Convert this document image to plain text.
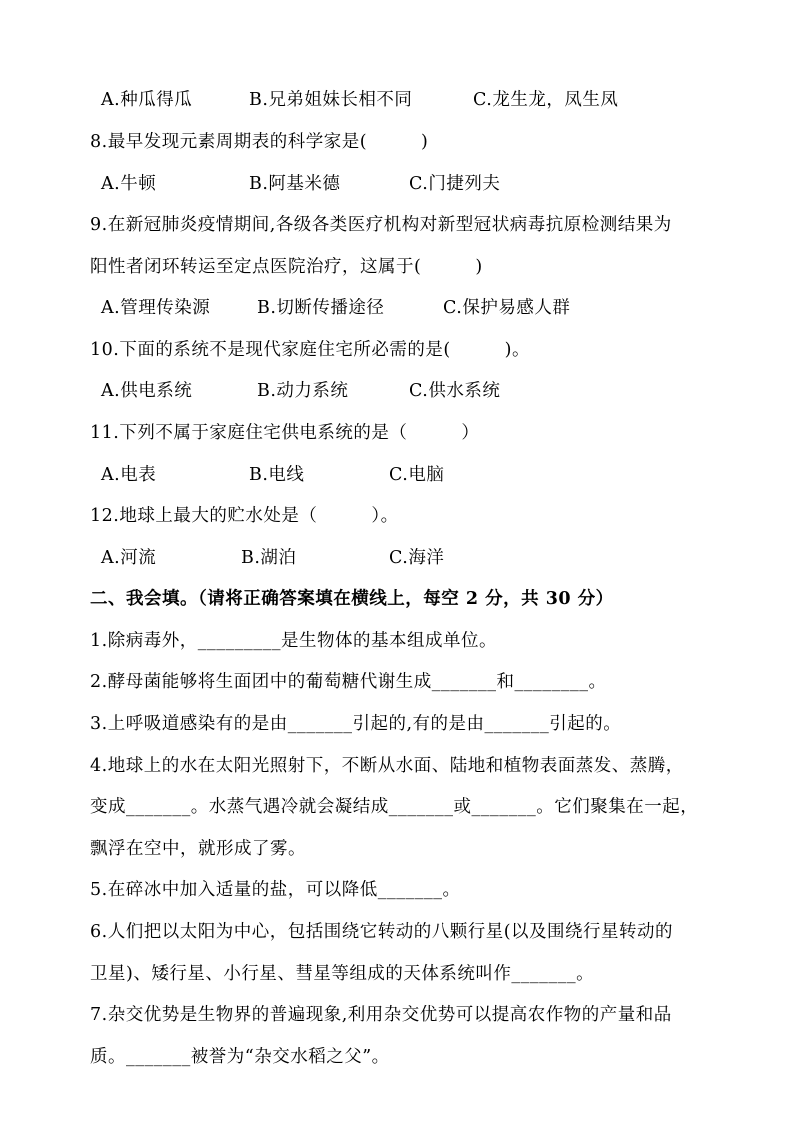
A.种瓜得瓜	B.兄弟姐妹长相不同	C.龙生龙，凤生凤
8.最早发现元素周期表的科学家是(　　　)
A.牛顿	B.阿基米德	C.门捷列夫
9.在新冠肺炎疫情期间,各级各类医疗机构对新型冠状病毒抗原检测结果为
阳性者闭环转运至定点医院治疗，这属于(　　　)
A.管理传染源	B.切断传播途径	C.保护易感人群
10.下面的系统不是现代家庭住宅所必需的是(　　　)。
A.供电系统	B.动力系统	C.供水系统
11.下列不属于家庭住宅供电系统的是（　　　）
A.电表	B.电线	C.电脑
12.地球上最大的贮水处是（　　　）。
A.河流	B.湖泊	C.海洋
二、我会填。（请将正确答案填在横线上，每空 2 分，共 30 分）
1.除病毒外，_________是生物体的基本组成单位。
2.酵母菌能够将生面团中的葡萄糖代谢生成_______和________。
3.上呼吸道感染有的是由_______引起的,有的是由_______引起的。
4.地球上的水在太阳光照射下，不断从水面、陆地和植物表面蒸发、蒸腾，
变成_______。水蒸气遇冷就会凝结成_______或_______。它们聚集在一起，
飘浮在空中，就形成了雾。
5.在碎冰中加入适量的盐，可以降低_______。
6.人们把以太阳为中心，包括围绕它转动的八颗行星(以及围绕行星转动的
卫星)、矮行星、小行星、彗星等组成的天体系统叫作_______。
7.杂交优势是生物界的普遍现象,利用杂交优势可以提高农作物的产量和品
质。_______被誉为“杂交水稻之父”。
